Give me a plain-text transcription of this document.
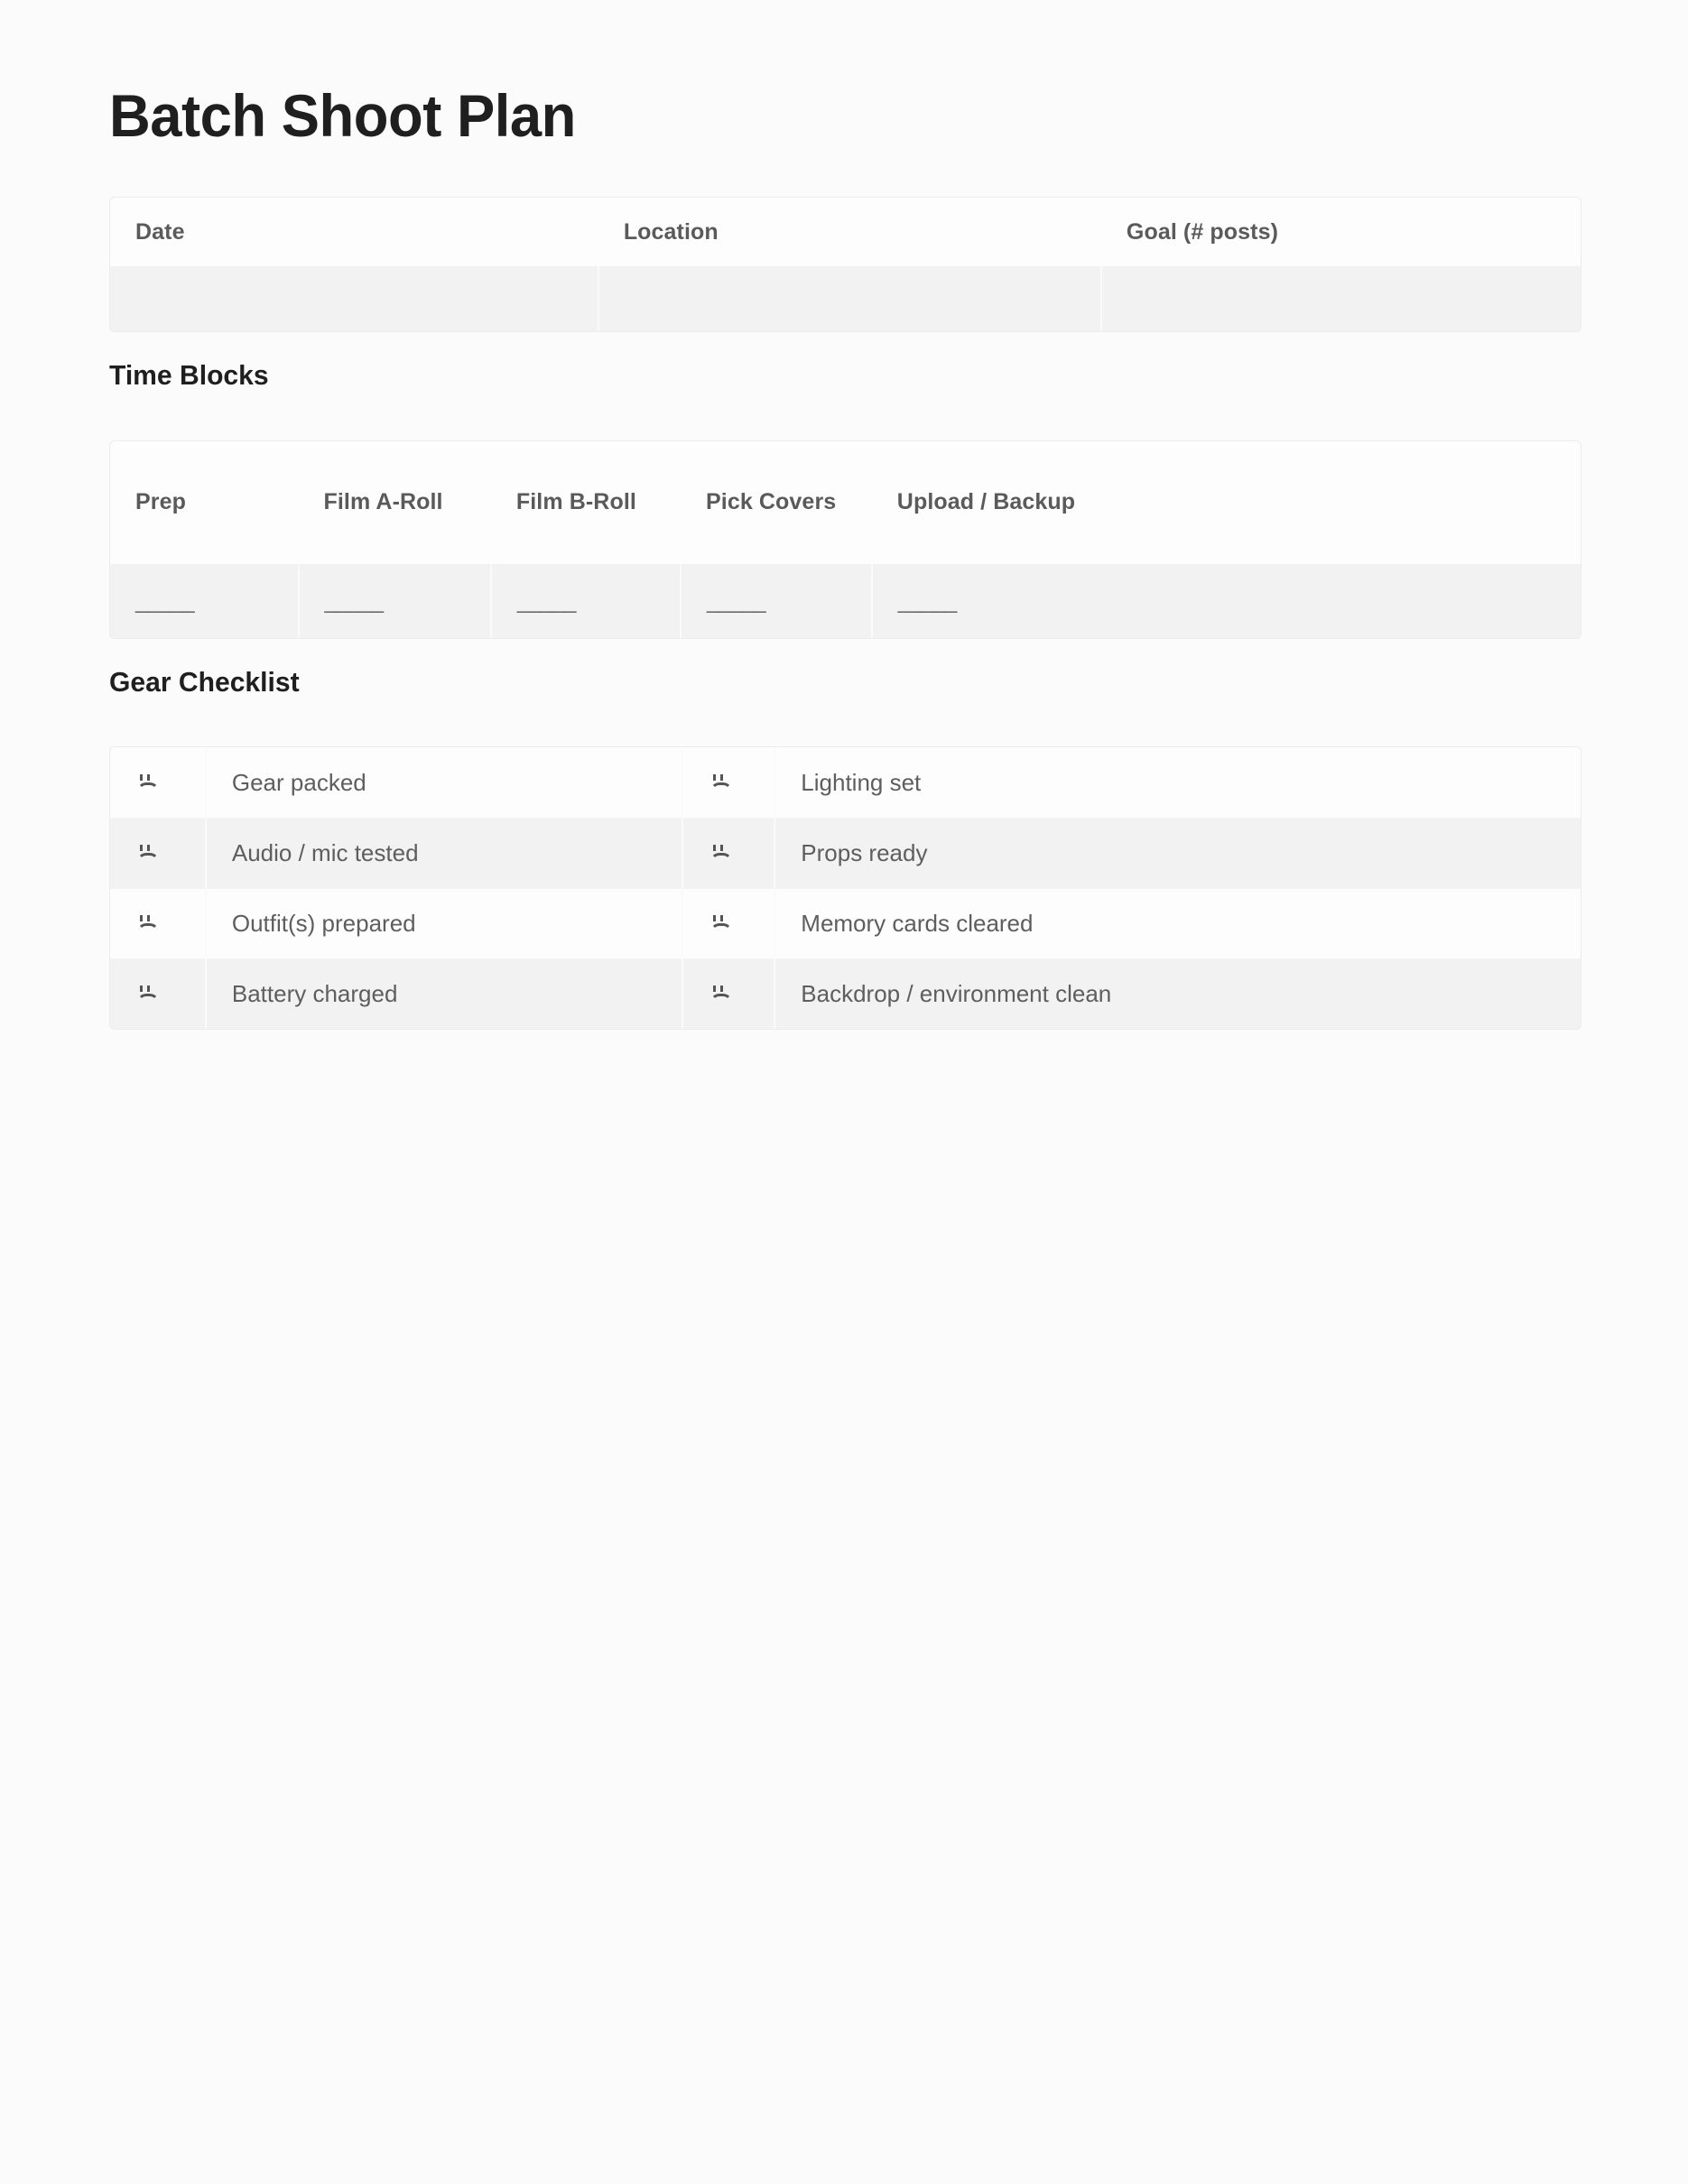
Batch Shoot Plan
Date	Location	Goal (# posts)

Time Blocks
Prep	Film A-Roll	Film B-Roll	Pick Covers	Upload / Backup
_____	_____	_____	_____	_____
Gear Checklist
	Gear packed		Lighting set

	Audio / mic tested		Props ready

	Outfit(s) prepared		Memory cards cleared

	Battery charged		Backdrop / environment clean
